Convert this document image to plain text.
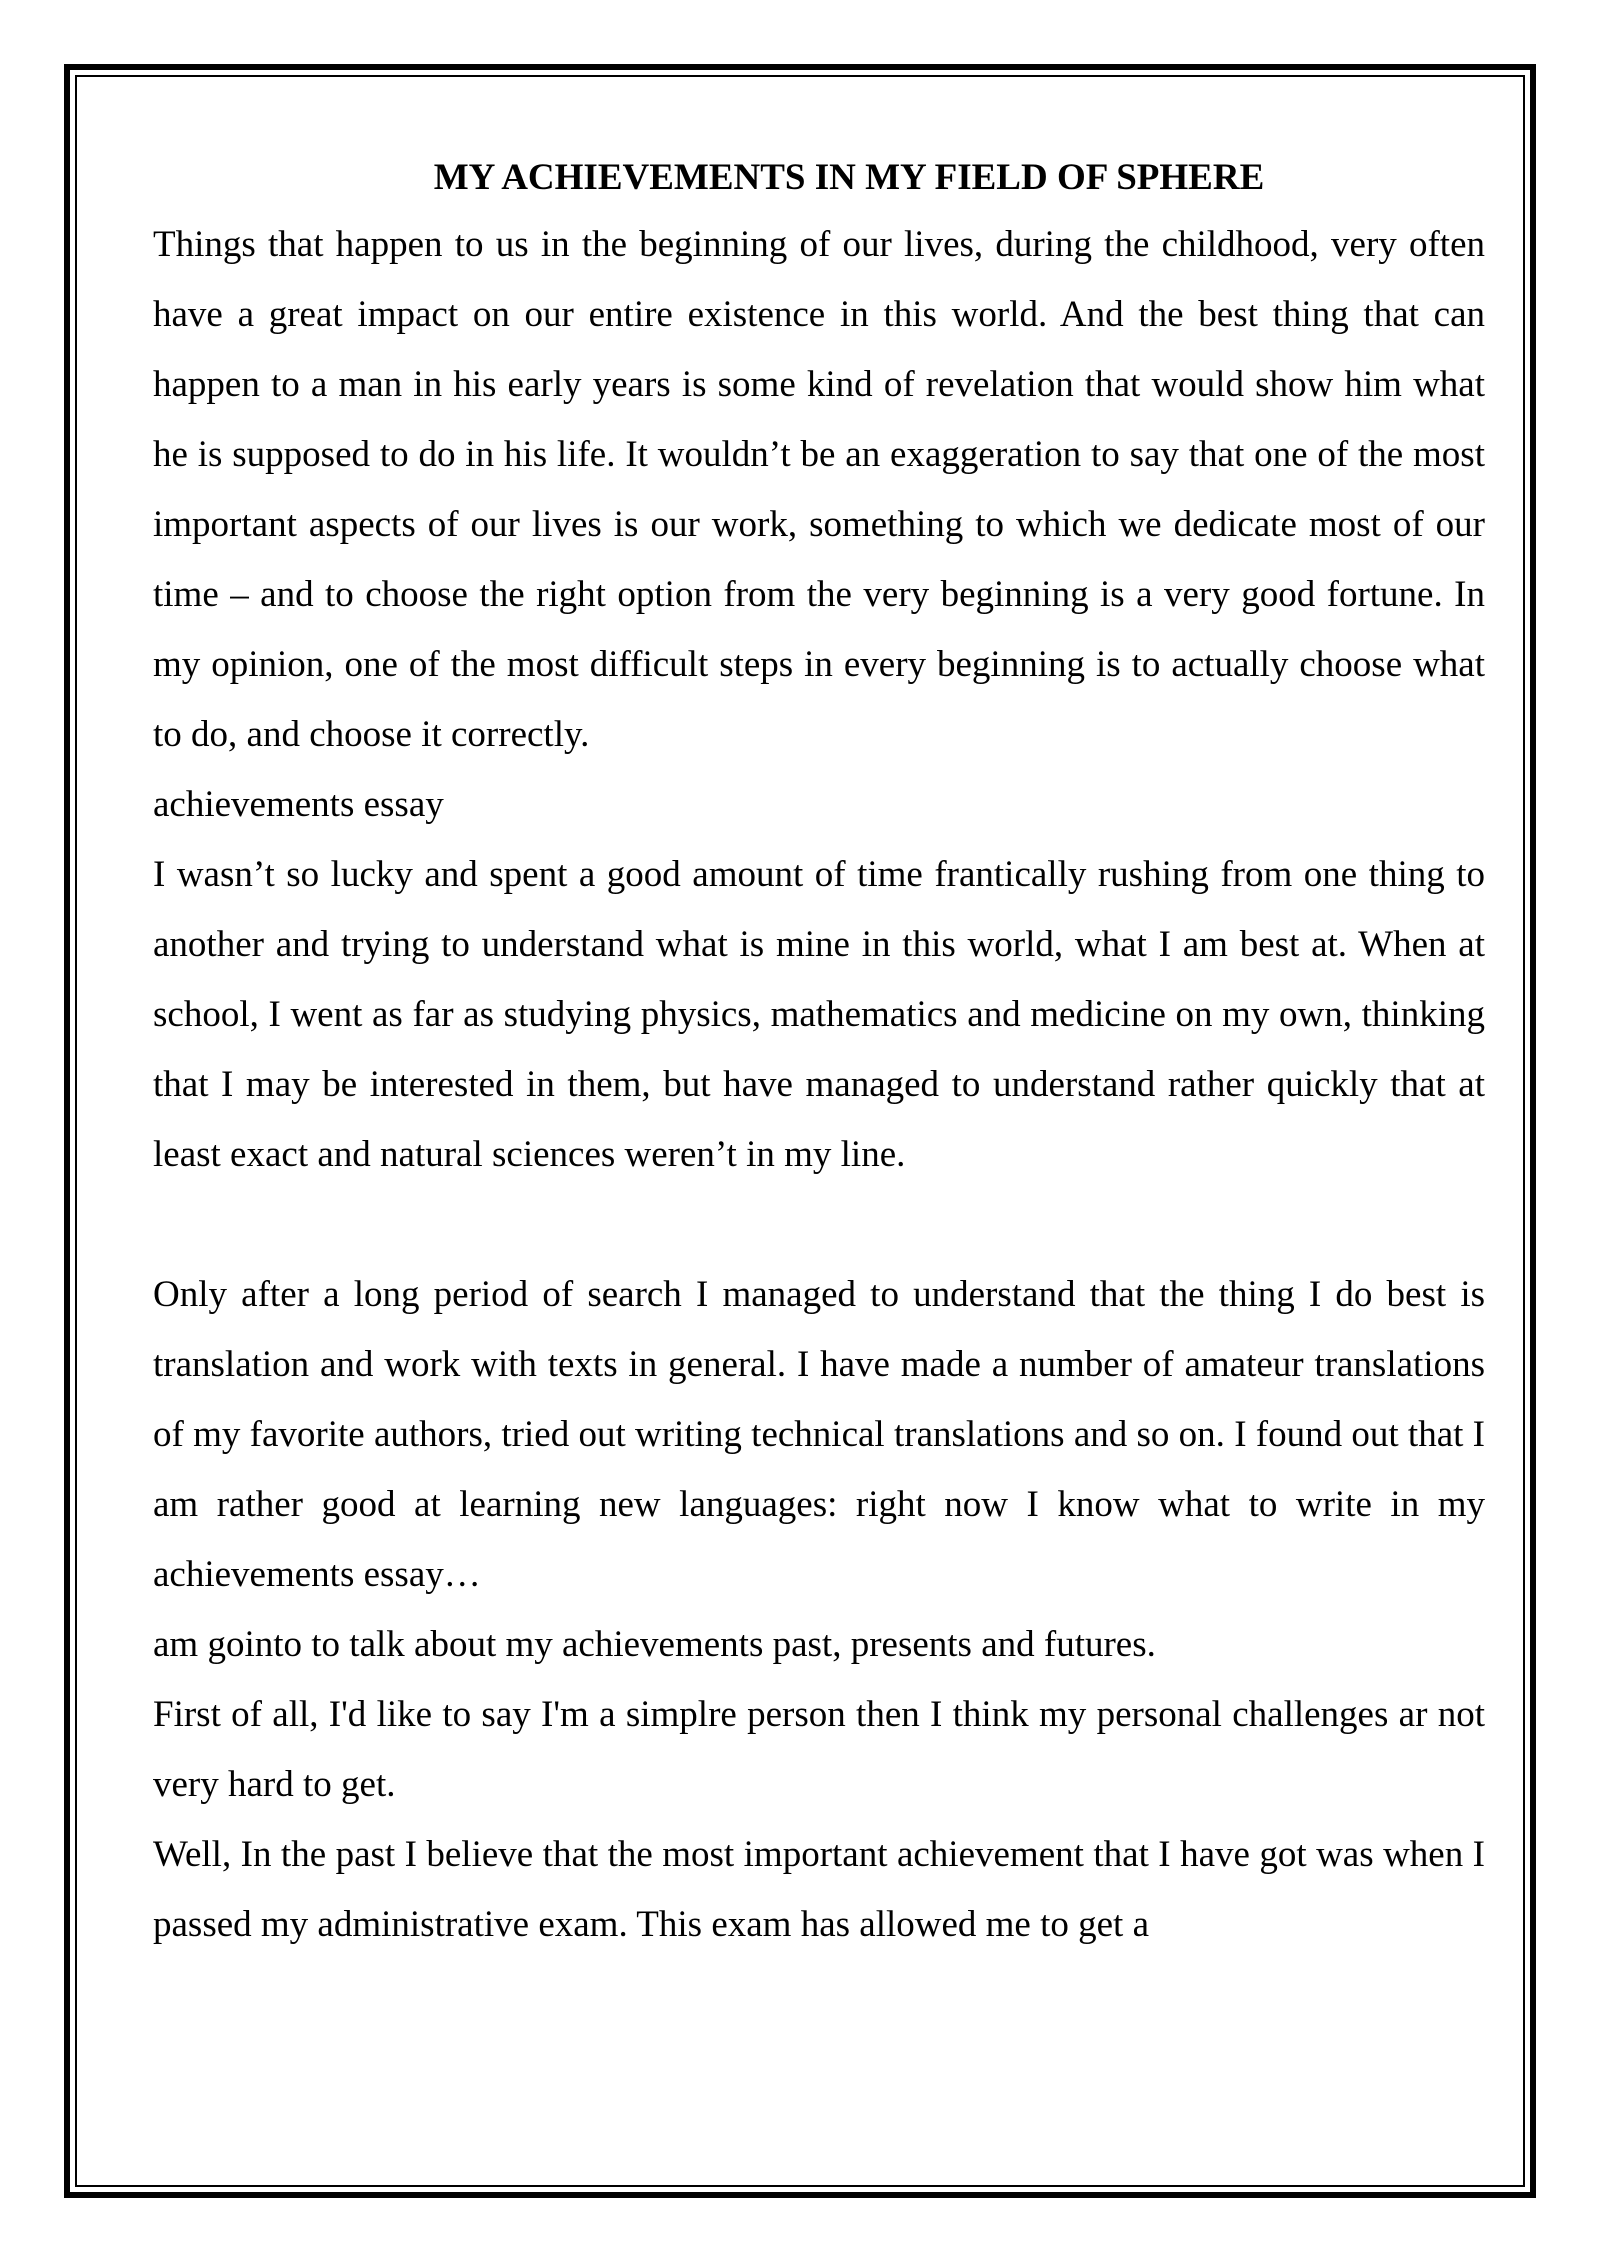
MY ACHIEVEMENTS IN MY FIELD OF SPHERE

Things that happen to us in the beginning of our lives, during the childhood, very often have a great impact on our entire existence in this world. And the best thing that can happen to a man in his early years is some kind of revelation that would show him what he is supposed to do in his life. It wouldn’t be an exaggeration to say that one of the most important aspects of our lives is our work, something to which we dedicate most of our time – and to choose the right option from the very beginning is a very good fortune. In my opinion, one of the most difficult steps in every beginning is to actually choose what to do, and choose it correctly.

achievements essay

I wasn’t so lucky and spent a good amount of time frantically rushing from one thing to another and trying to understand what is mine in this world, what I am best at. When at school, I went as far as studying physics, mathematics and medicine on my own, thinking that I may be interested in them, but have managed to understand rather quickly that at least exact and natural sciences weren’t in my line.

Only after a long period of search I managed to understand that the thing I do best is translation and work with texts in general. I have made a number of amateur translations of my favorite authors, tried out writing technical translations and so on. I found out that I am rather good at learning new languages: right now I know what to write in my achievements essay…

am gointo to talk about my achievements past, presents and futures.

First of all, I'd like to say I'm a simplre person then I think my personal challenges ar not very hard to get.

Well, In the past I believe that the most important achievement that I have got was when I passed my administrative exam. This exam has allowed me to get a
